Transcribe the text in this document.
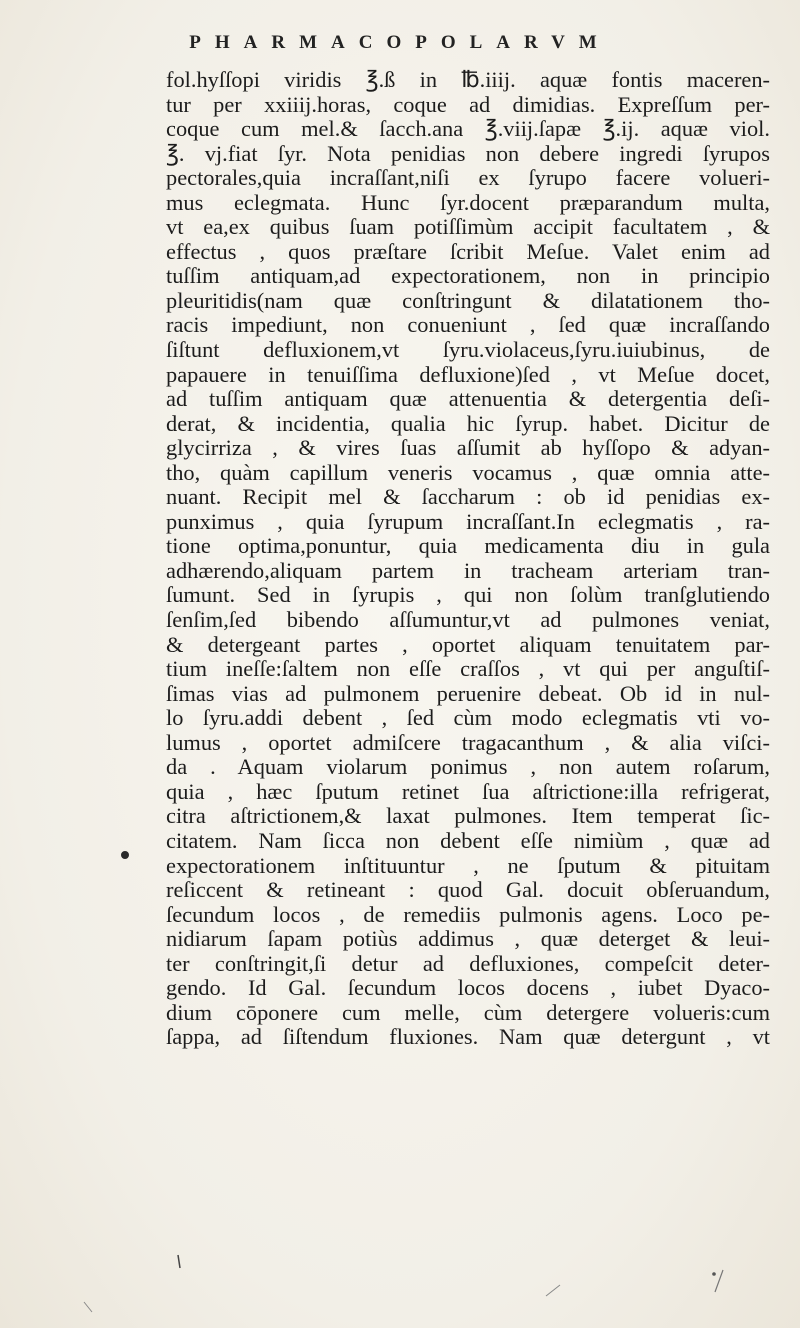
PHARMACOPOLARVM
fol.hyſſopi viridis ℥.ß in ℔.iiij. aquæ fontis maceren-
tur per xxiiij.horas, coque ad dimidias. Expreſſum per-
coque cum mel.& ſacch.ana ℥.viij.ſapæ ℥.ij. aquæ viol.
℥. vj.fiat ſyr. Nota penidias non debere ingredi ſyrupos
pectorales,quia incraſſant,niſi ex ſyrupo facere volueri-
mus eclegmata. Hunc ſyr.docent præparandum multa,
vt ea,ex quibus ſuam potiſſimùm accipit facultatem , &
effectus , quos præſtare ſcribit Meſue. Valet enim ad
tuſſim antiquam,ad expectorationem, non in principio
pleuritidis(nam quæ conſtringunt & dilatationem tho-
racis impediunt, non conueniunt , ſed quæ incraſſando
ſiſtunt defluxionem,vt ſyru.violaceus,ſyru.iuiubinus, de
papauere in tenuiſſima defluxione)ſed , vt Meſue docet,
ad tuſſim antiquam quæ attenuentia & detergentia deſi-
derat, & incidentia, qualia hic ſyrup. habet. Dicitur de
glycirriza , & vires ſuas aſſumit ab hyſſopo & adyan-
tho, quàm capillum veneris vocamus , quæ omnia atte-
nuant. Recipit mel & ſaccharum : ob id penidias ex-
punximus , quia ſyrupum incraſſant.In eclegmatis , ra-
tione optima,ponuntur, quia medicamenta diu in gula
adhærendo,aliquam partem in tracheam arteriam tran-
ſumunt. Sed in ſyrupis , qui non ſolùm tranſglutiendo
ſenſim,ſed bibendo aſſumuntur,vt ad pulmones veniat,
& detergeant partes , oportet aliquam tenuitatem par-
tium ineſſe:ſaltem non eſſe craſſos , vt qui per anguſtiſ-
ſimas vias ad pulmonem peruenire debeat. Ob id in nul-
lo ſyru.addi debent , ſed cùm modo eclegmatis vti vo-
lumus , oportet admiſcere tragacanthum , & alia viſci-
da . Aquam violarum ponimus , non autem roſarum,
quia , hæc ſputum retinet ſua aſtrictione:illa refrigerat,
citra aſtrictionem,& laxat pulmones. Item temperat ſic-
citatem. Nam ſicca non debent eſſe nimiùm , quæ ad
expectorationem inſtituuntur , ne ſputum & pituitam
reſiccent & retineant : quod Gal. docuit obſeruandum,
ſecundum locos , de remediis pulmonis agens. Loco pe-
nidiarum ſapam potiùs addimus , quæ deterget & leui-
ter conſtringit,ſi detur ad defluxiones, compeſcit deter-
gendo. Id Gal. ſecundum locos docens , iubet Dyaco-
dium cōponere cum melle, cùm detergere volueris:cum
ſappa, ad ſiſtendum fluxiones. Nam quæ detergunt , vt
